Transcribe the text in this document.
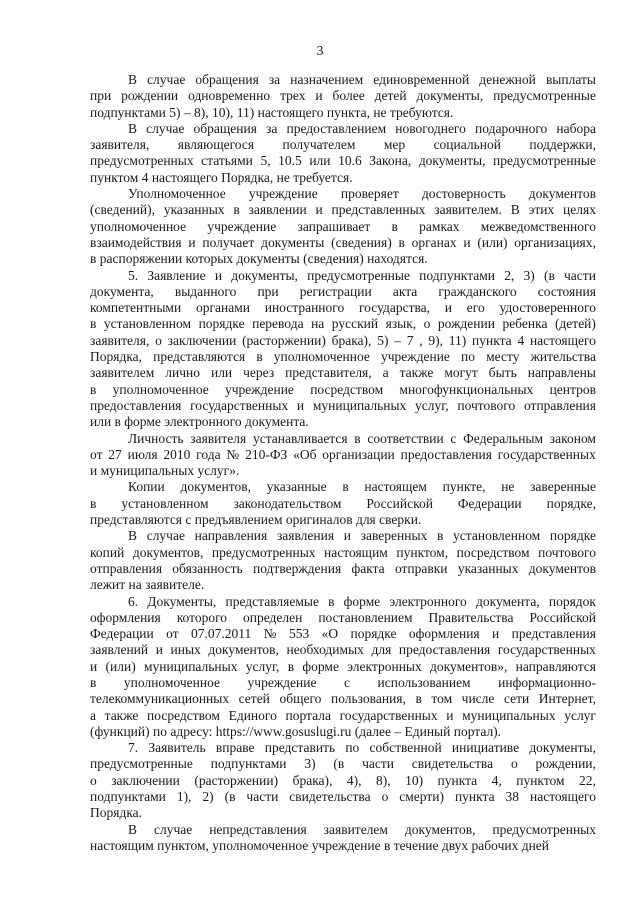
3
В случае обращения за назначением единовременной денежной выплаты
при рождении одновременно трех и более детей документы, предусмотренные
подпунктами 5) – 8), 10), 11) настоящего пункта, не требуются.
В случае обращения за предоставлением новогоднего подарочного набора
заявителя, являющегося получателем мер социальной поддержки,
предусмотренных статьями 5, 10.5 или 10.6 Закона, документы, предусмотренные
пунктом 4 настоящего Порядка, не требуется.
Уполномоченное учреждение проверяет достоверность документов
(сведений), указанных в заявлении и представленных заявителем. В этих целях
уполномоченное учреждение запрашивает в рамках межведомственного
взаимодействия и получает документы (сведения) в органах и (или) организациях,
в распоряжении которых документы (сведения) находятся.
5. Заявление и документы, предусмотренные подпунктами 2, 3) (в части
документа, выданного при регистрации акта гражданского состояния
компетентными органами иностранного государства, и его удостоверенного
в установленном порядке перевода на русский язык, о рождении ребенка (детей)
заявителя, о заключении (расторжении) брака), 5) – 7 , 9), 11) пункта 4 настоящего
Порядка, представляются в уполномоченное учреждение по месту жительства
заявителем лично или через представителя, а также могут быть направлены
в уполномоченное учреждение посредством многофункциональных центров
предоставления государственных и муниципальных услуг, почтового отправления
или в форме электронного документа.
Личность заявителя устанавливается в соответствии с Федеральным законом
от 27 июля 2010 года № 210-ФЗ «Об организации предоставления государственных
и муниципальных услуг».
Копии документов, указанные в настоящем пункте, не заверенные
в установленном законодательством Российской Федерации порядке,
представляются с предъявлением оригиналов для сверки.
В случае направления заявления и заверенных в установленном порядке
копий документов, предусмотренных настоящим пунктом, посредством почтового
отправления обязанность подтверждения факта отправки указанных документов
лежит на заявителе.
6. Документы, представляемые в форме электронного документа, порядок
оформления которого определен постановлением Правительства Российской
Федерации от 07.07.2011 № 553 «О порядке оформления и представления
заявлений и иных документов, необходимых для предоставления государственных
и (или) муниципальных услуг, в форме электронных документов», направляются
в уполномоченное учреждение с использованием информационно-
телекоммуникационных сетей общего пользования, в том числе сети Интернет,
а также посредством Единого портала государственных и муниципальных услуг
(функций) по адресу: https://www.gosuslugi.ru (далее – Единый портал).
7. Заявитель вправе представить по собственной инициативе документы,
предусмотренные подпунктами 3) (в части свидетельства о рождении,
о заключении (расторжении) брака), 4), 8), 10) пункта 4, пунктом 22,
подпунктами 1), 2) (в части свидетельства о смерти) пункта 38 настоящего
Порядка.
В случае непредставления заявителем документов, предусмотренных
настоящим пунктом, уполномоченное учреждение в течение двух рабочих дней
